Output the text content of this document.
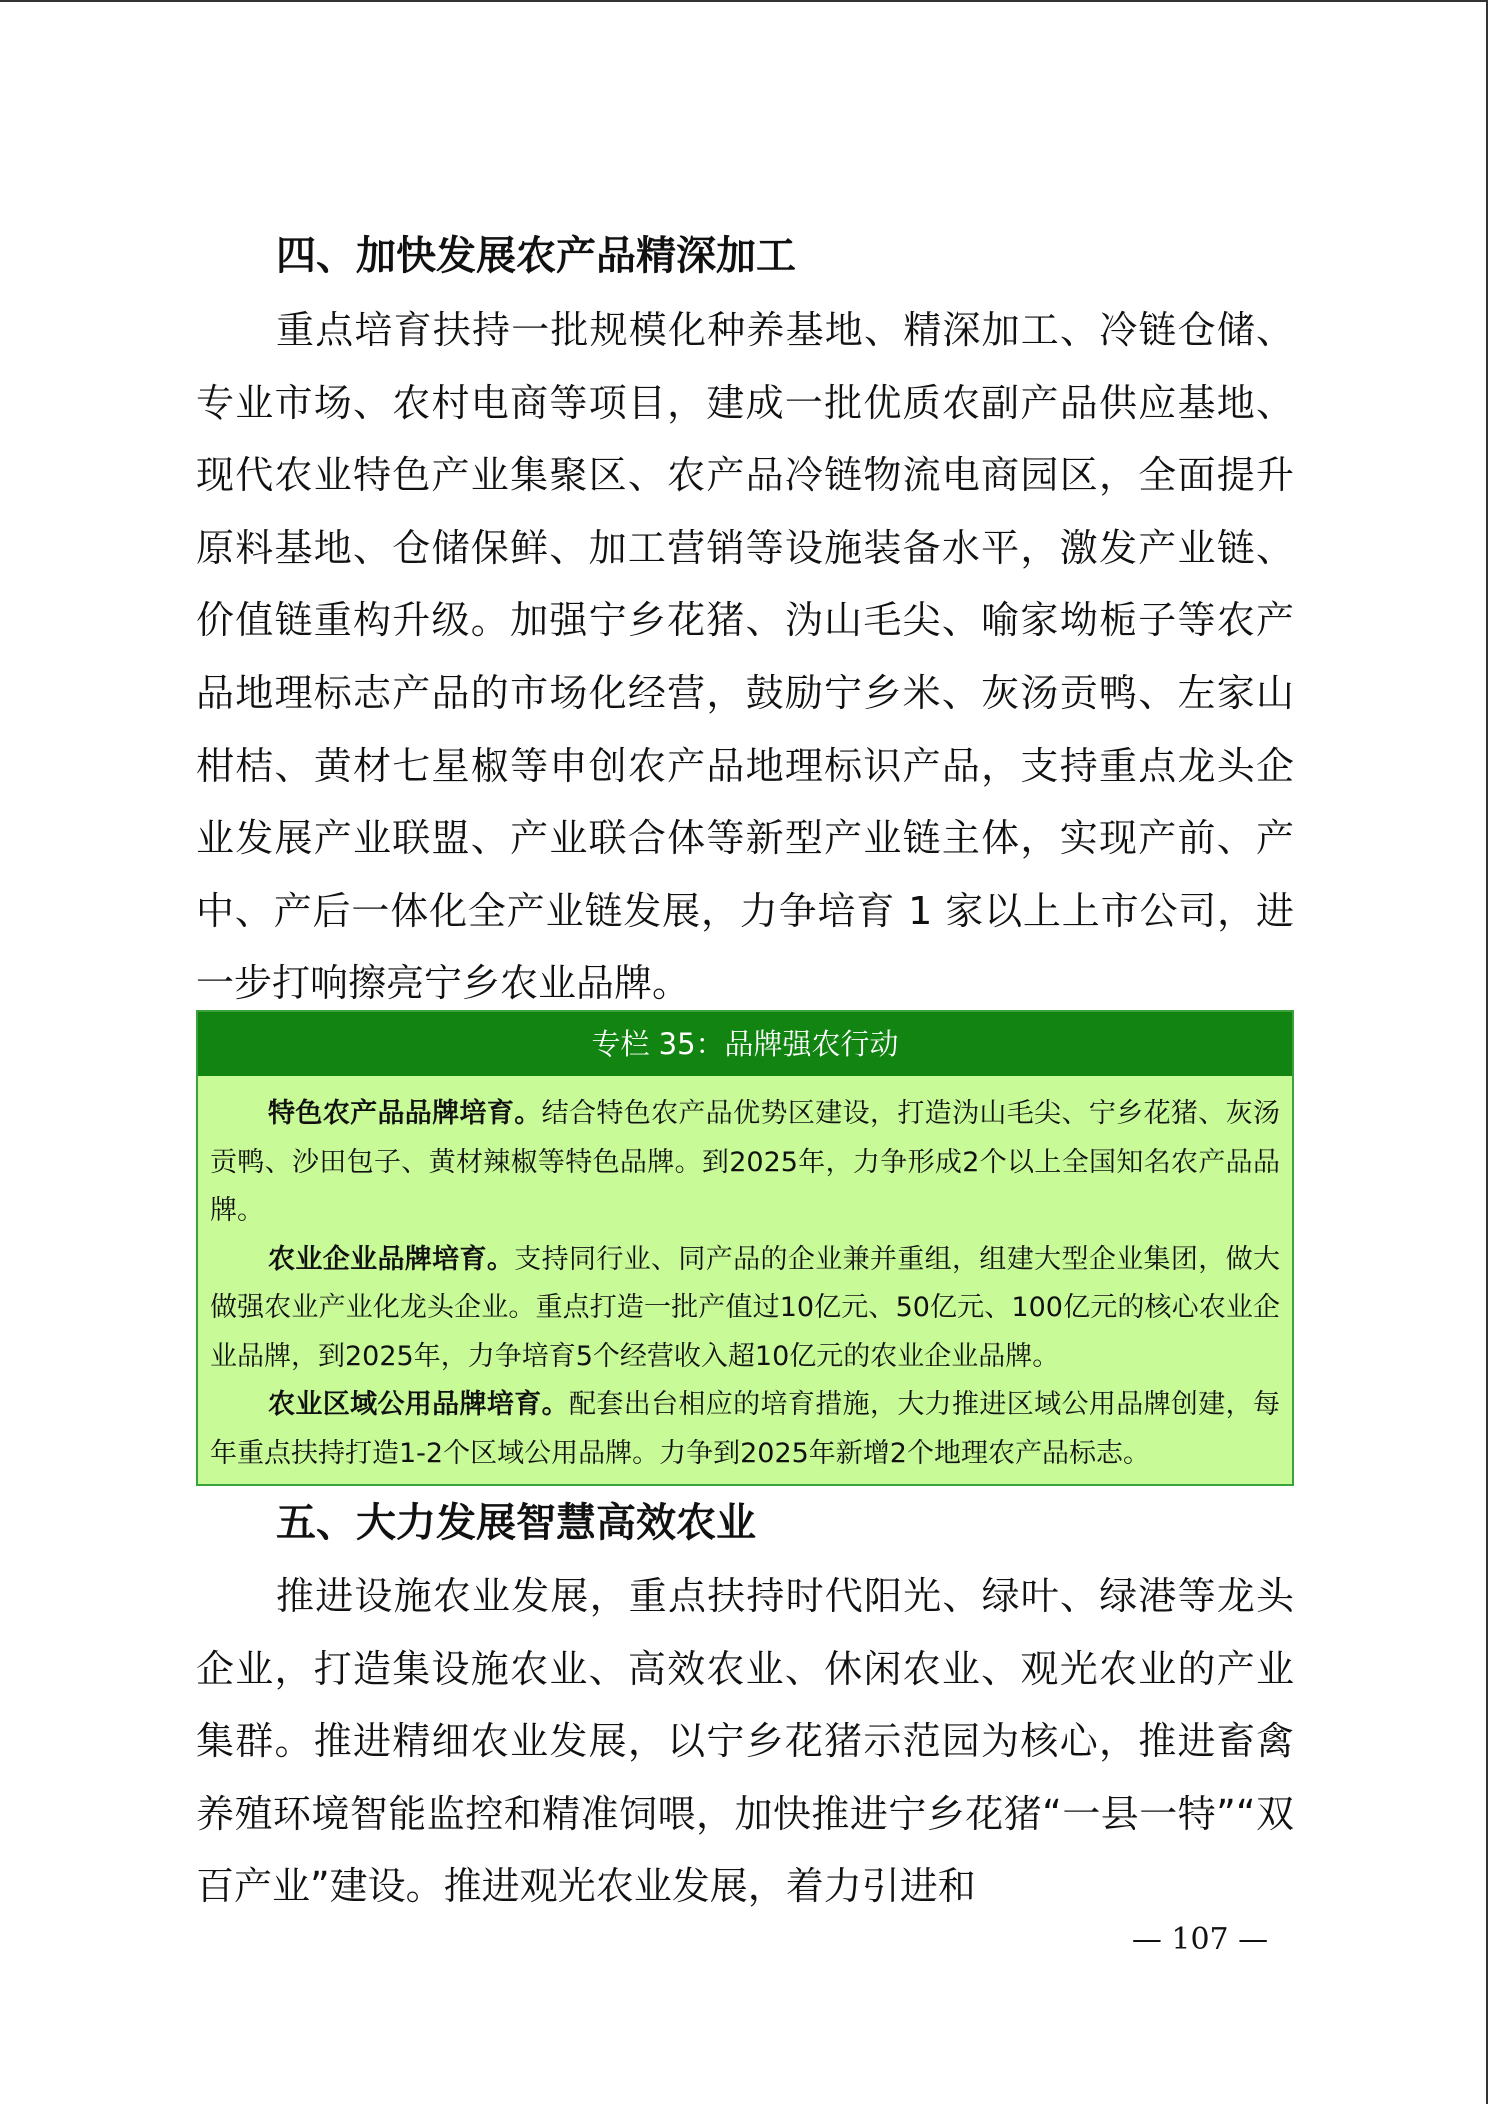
四、加快发展农产品精深加工

重点培育扶持一批规模化种养基地、精深加工、冷链仓储、专业市场、农村电商等项目，建成一批优质农副产品供应基地、现代农业特色产业集聚区、农产品冷链物流电商园区，全面提升原料基地、仓储保鲜、加工营销等设施装备水平，激发产业链、价值链重构升级。加强宁乡花猪、沩山毛尖、喻家坳栀子等农产品地理标志产品的市场化经营，鼓励宁乡米、灰汤贡鸭、左家山柑桔、黄材七星椒等申创农产品地理标识产品，支持重点龙头企业发展产业联盟、产业联合体等新型产业链主体，实现产前、产中、产后一体化全产业链发展，力争培育 1 家以上上市公司，进一步打响擦亮宁乡农业品牌。

专栏 35：品牌强农行动

特色农产品品牌培育。结合特色农产品优势区建设，打造沩山毛尖、宁乡花猪、灰汤贡鸭、沙田包子、黄材辣椒等特色品牌。到2025年，力争形成2个以上全国知名农产品品牌。

农业企业品牌培育。支持同行业、同产品的企业兼并重组，组建大型企业集团，做大做强农业产业化龙头企业。重点打造一批产值过10亿元、50亿元、100亿元的核心农业企业品牌，到2025年，力争培育5个经营收入超10亿元的农业企业品牌。

农业区域公用品牌培育。配套出台相应的培育措施，大力推进区域公用品牌创建，每年重点扶持打造1-2个区域公用品牌。力争到2025年新增2个地理农产品标志。

五、大力发展智慧高效农业

推进设施农业发展，重点扶持时代阳光、绿叶、绿港等龙头企业，打造集设施农业、高效农业、休闲农业、观光农业的产业集群。推进精细农业发展，以宁乡花猪示范园为核心，推进畜禽养殖环境智能监控和精准饲喂，加快推进宁乡花猪“一县一特”“双百产业”建设。推进观光农业发展，着力引进和

— 107 —
